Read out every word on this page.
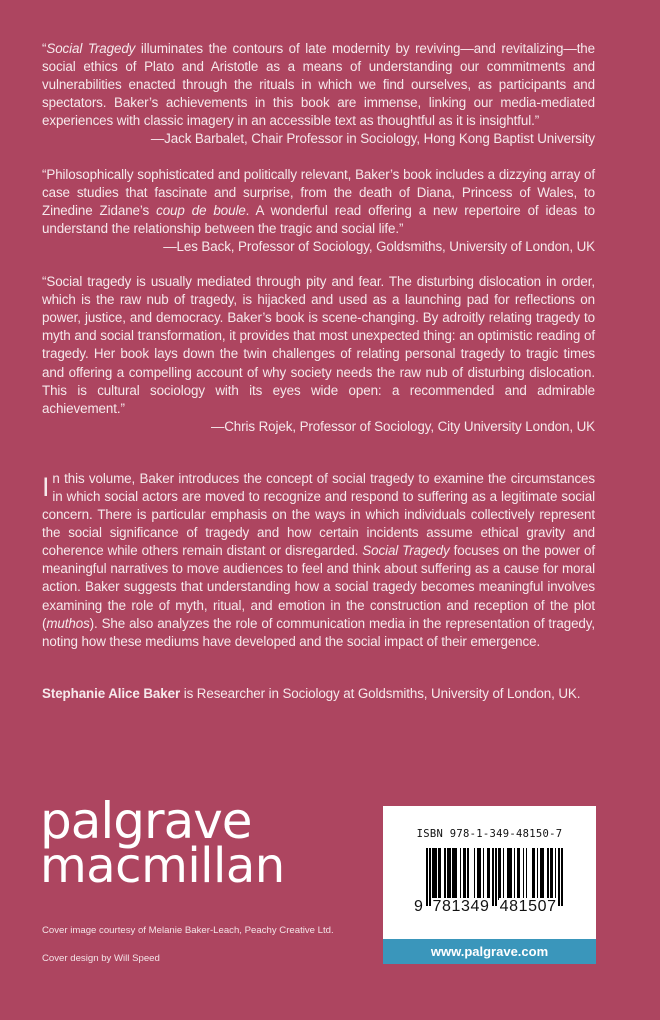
“Social Tragedy illuminates the contours of late modernity by reviving—and revitalizing—the social ethics of Plato and Aristotle as a means of understanding our commitments and vulnerabilities enacted through the rituals in which we find ourselves, as participants and spectators. Baker’s achievements in this book are immense, linking our media-mediated experiences with classic imagery in an accessible text as thoughtful as it is insightful.”

—Jack Barbalet, Chair Professor in Sociology, Hong Kong Baptist University

“Philosophically sophisticated and politically relevant, Baker’s book includes a dizzying array of case studies that fascinate and surprise, from the death of Diana, Princess of Wales, to Zinedine Zidane’s coup de boule. A wonderful read offering a new repertoire of ideas to understand the relationship between the tragic and social life.”

—Les Back, Professor of Sociology, Goldsmiths, University of London, UK

“Social tragedy is usually mediated through pity and fear. The disturbing dislocation in order, which is the raw nub of tragedy, is hijacked and used as a launching pad for reflections on power, justice, and democracy. Baker’s book is scene-changing. By adroitly relating tragedy to myth and social transformation, it provides that most unexpected thing: an optimistic reading of tragedy. Her book lays down the twin challenges of relating personal tragedy to tragic times and offering a compelling account of why society needs the raw nub of disturbing dislocation. This is cultural sociology with its eyes wide open: a recommended and admirable achievement.”

—Chris Rojek, Professor of Sociology, City University London, UK

In this volume, Baker introduces the concept of social tragedy to examine the circumstances in which social actors are moved to recognize and respond to suffering as a legitimate social concern. There is particular emphasis on the ways in which individuals collectively represent the social significance of tragedy and how certain incidents assume ethical gravity and coherence while others remain distant or disregarded. Social Tragedy focuses on the power of meaningful narratives to move audiences to feel and think about suffering as a cause for moral action. Baker suggests that understanding how a social tragedy becomes meaningful involves examining the role of myth, ritual, and emotion in the construction and reception of the plot (muthos). She also analyzes the role of communication media in the representation of tragedy, noting how these mediums have developed and the social impact of their emergence.

Stephanie Alice Baker is Researcher in Sociology at Goldsmiths, University of London, UK.

palgrave
macmillan
Cover image courtesy of Melanie Baker-Leach, Peachy Creative Ltd.
Cover design by Will Speed
ISBN 978-1-349-48150-7
9 781349 481507
www.palgrave.com
